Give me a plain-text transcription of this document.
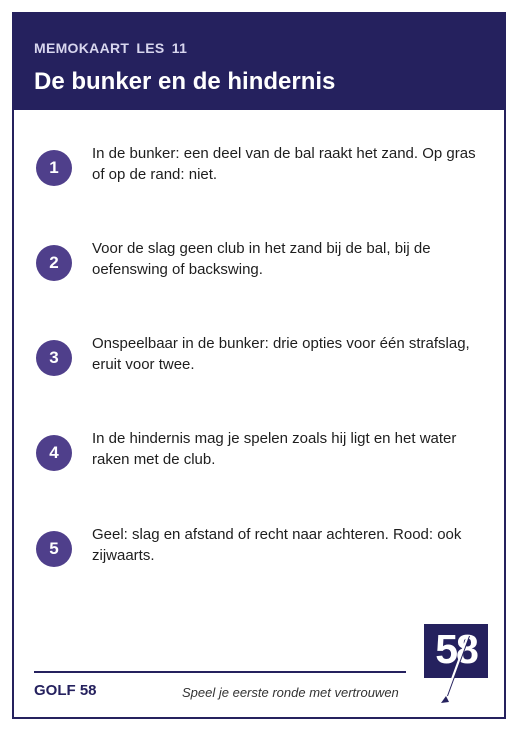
MEMOKAART LES 11
De bunker en de hindernis
1
In de bunker: een deel van de bal raakt het zand. Op gras of op de rand: niet.
2
Voor de slag geen club in het zand bij de bal, bij de oefenswing of backswing.
3
Onspeelbaar in de bunker: drie opties voor één strafslag, eruit voor twee.
4
In de hindernis mag je spelen zoals hij ligt en het water raken met de club.
5
Geel: slag en afstand of recht naar achteren. Rood: ook zijwaarts.
GOLF 58	Speel je eerste ronde met vertrouwen
58
